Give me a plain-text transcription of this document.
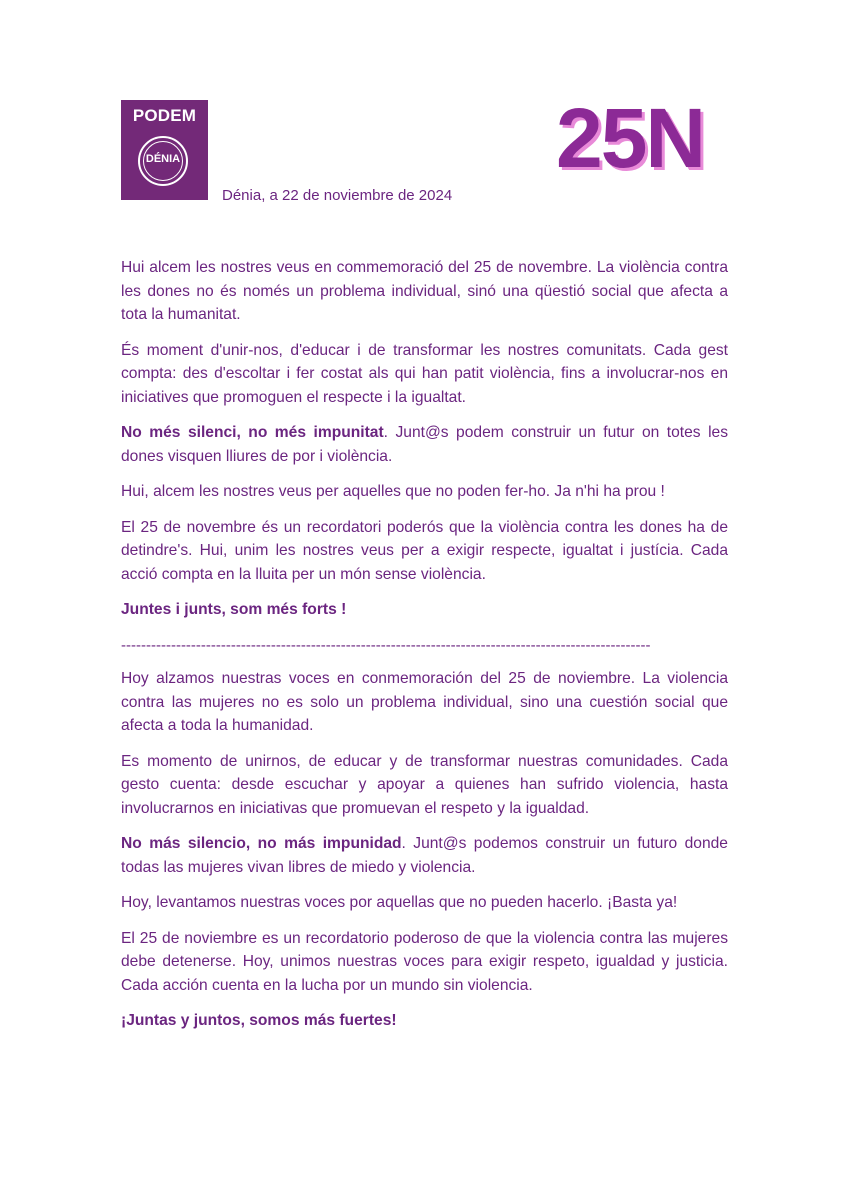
PODEM
DÉNIA	25N
Dénia, a 22 de noviembre de 2024

Hui alcem les nostres veus en commemoració del 25 de novembre. La violència contra les dones no és només un problema individual, sinó una qüestió social que afecta a tota la humanitat.

És moment d'unir-nos, d'educar i de transformar les nostres comunitats. Cada gest compta: des d'escoltar i fer costat als qui han patit violència, fins a involucrar-nos en iniciatives que promoguen el respecte i la igualtat.

No més silenci, no més impunitat. Junt@s podem construir un futur on totes les dones visquen lliures de por i violència.

Hui, alcem les nostres veus per aquelles que no poden fer-ho. Ja n'hi ha prou !

El 25 de novembre és un recordatori poderós que la violència contra les dones ha de detindre's. Hui, unim les nostres veus per a exigir respecte, igualtat i justícia. Cada acció compta en la lluita per un món sense violència.

Juntes i junts, som més forts !

----------------------------------------------------------------------------------------------------------

Hoy alzamos nuestras voces en conmemoración del 25 de noviembre. La violencia contra las mujeres no es solo un problema individual, sino una cuestión social que afecta a toda la humanidad.

Es momento de unirnos, de educar y de transformar nuestras comunidades. Cada gesto cuenta: desde escuchar y apoyar a quienes han sufrido violencia, hasta involucrarnos en iniciativas que promuevan el respeto y la igualdad.

No más silencio, no más impunidad. Junt@s podemos construir un futuro donde todas las mujeres vivan libres de miedo y violencia.

Hoy, levantamos nuestras voces por aquellas que no pueden hacerlo. ¡Basta ya!

El 25 de noviembre es un recordatorio poderoso de que la violencia contra las mujeres debe detenerse. Hoy, unimos nuestras voces para exigir respeto, igualdad y justicia. Cada acción cuenta en la lucha por un mundo sin violencia.

¡Juntas y juntos, somos más fuertes!
